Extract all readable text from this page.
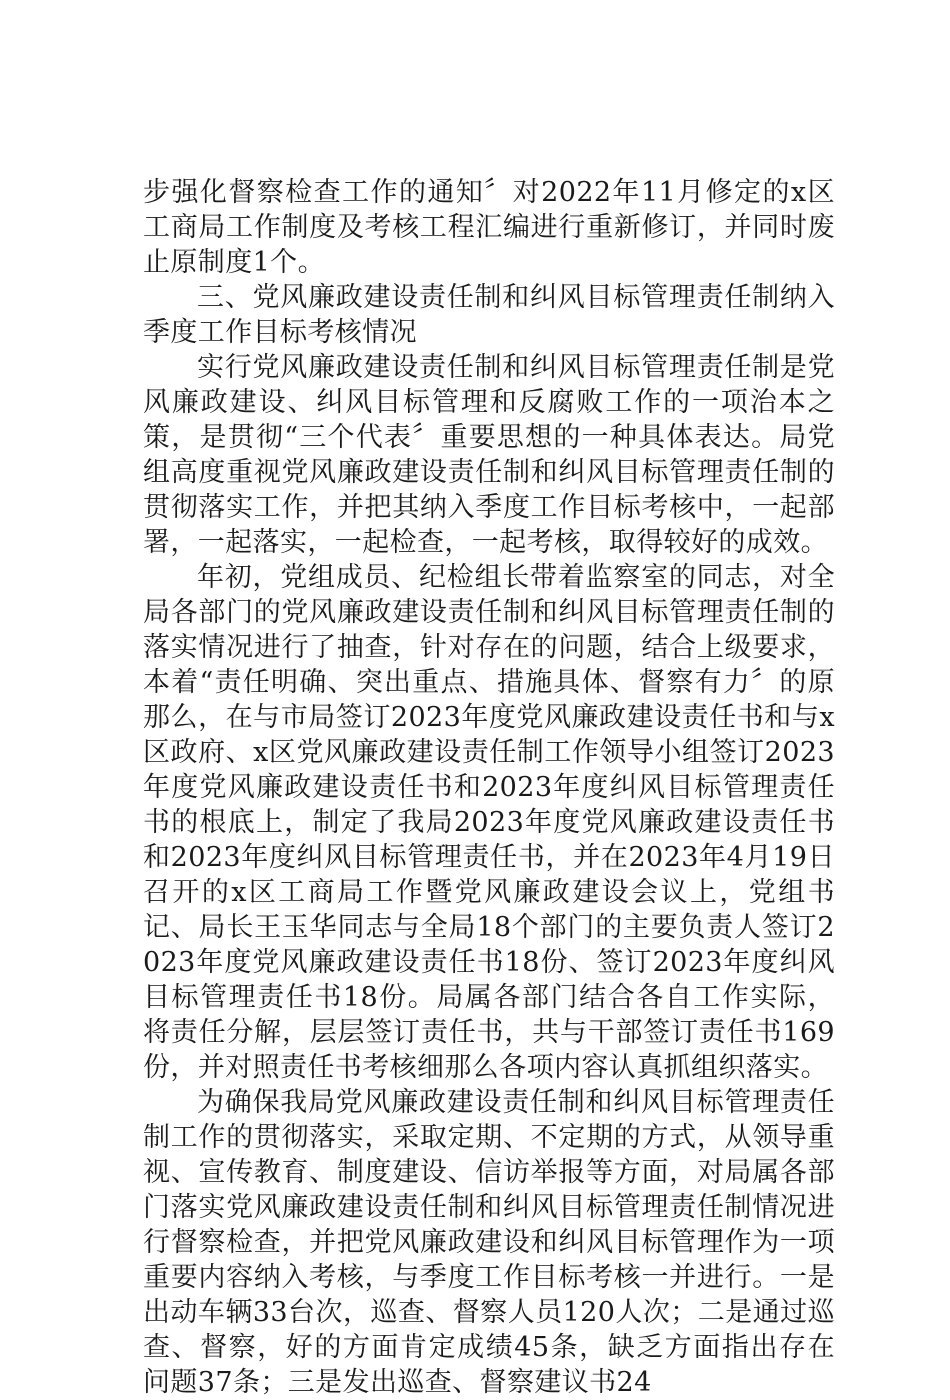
步强化督察检查工作的通知〞对2022年11月修定的x区工商局工作制度及考核工程汇编进行重新修订，并同时废止原制度1个。

三、党风廉政建设责任制和纠风目标管理责任制纳入季度工作目标考核情况

实行党风廉政建设责任制和纠风目标管理责任制是党风廉政建设、纠风目标管理和反腐败工作的一项治本之策，是贯彻“三个代表〞重要思想的一种具体表达。局党组高度重视党风廉政建设责任制和纠风目标管理责任制的贯彻落实工作，并把其纳入季度工作目标考核中，一起部署，一起落实，一起检查，一起考核，取得较好的成效。

年初，党组成员、纪检组长带着监察室的同志，对全局各部门的党风廉政建设责任制和纠风目标管理责任制的落实情况进行了抽查，针对存在的问题，结合上级要求，本着“责任明确、突出重点、措施具体、督察有力〞的原那么，在与市局签订2023年度党风廉政建设责任书和与x区政府、x区党风廉政建设责任制工作领导小组签订2023年度党风廉政建设责任书和2023年度纠风目标管理责任书的根底上，制定了我局2023年度党风廉政建设责任书和2023年度纠风目标管理责任书，并在2023年4月19日召开的x区工商局工作暨党风廉政建设会议上，党组书记、局长王玉华同志与全局18个部门的主要负责人签订2023年度党风廉政建设责任书18份、签订2023年度纠风目标管理责任书18份。局属各部门结合各自工作实际，将责任分解，层层签订责任书，共与干部签订责任书169份，并对照责任书考核细那么各项内容认真抓组织落实。

为确保我局党风廉政建设责任制和纠风目标管理责任制工作的贯彻落实，采取定期、不定期的方式，从领导重视、宣传教育、制度建设、信访举报等方面，对局属各部门落实党风廉政建设责任制和纠风目标管理责任制情况进行督察检查，并把党风廉政建设和纠风目标管理作为一项重要内容纳入考核，与季度工作目标考核一并进行。一是出动车辆33台次，巡查、督察人员120人次；二是通过巡查、督察，好的方面肯定成绩45条，缺乏方面指出存在问题37条；三是发出巡查、督察建议书24
